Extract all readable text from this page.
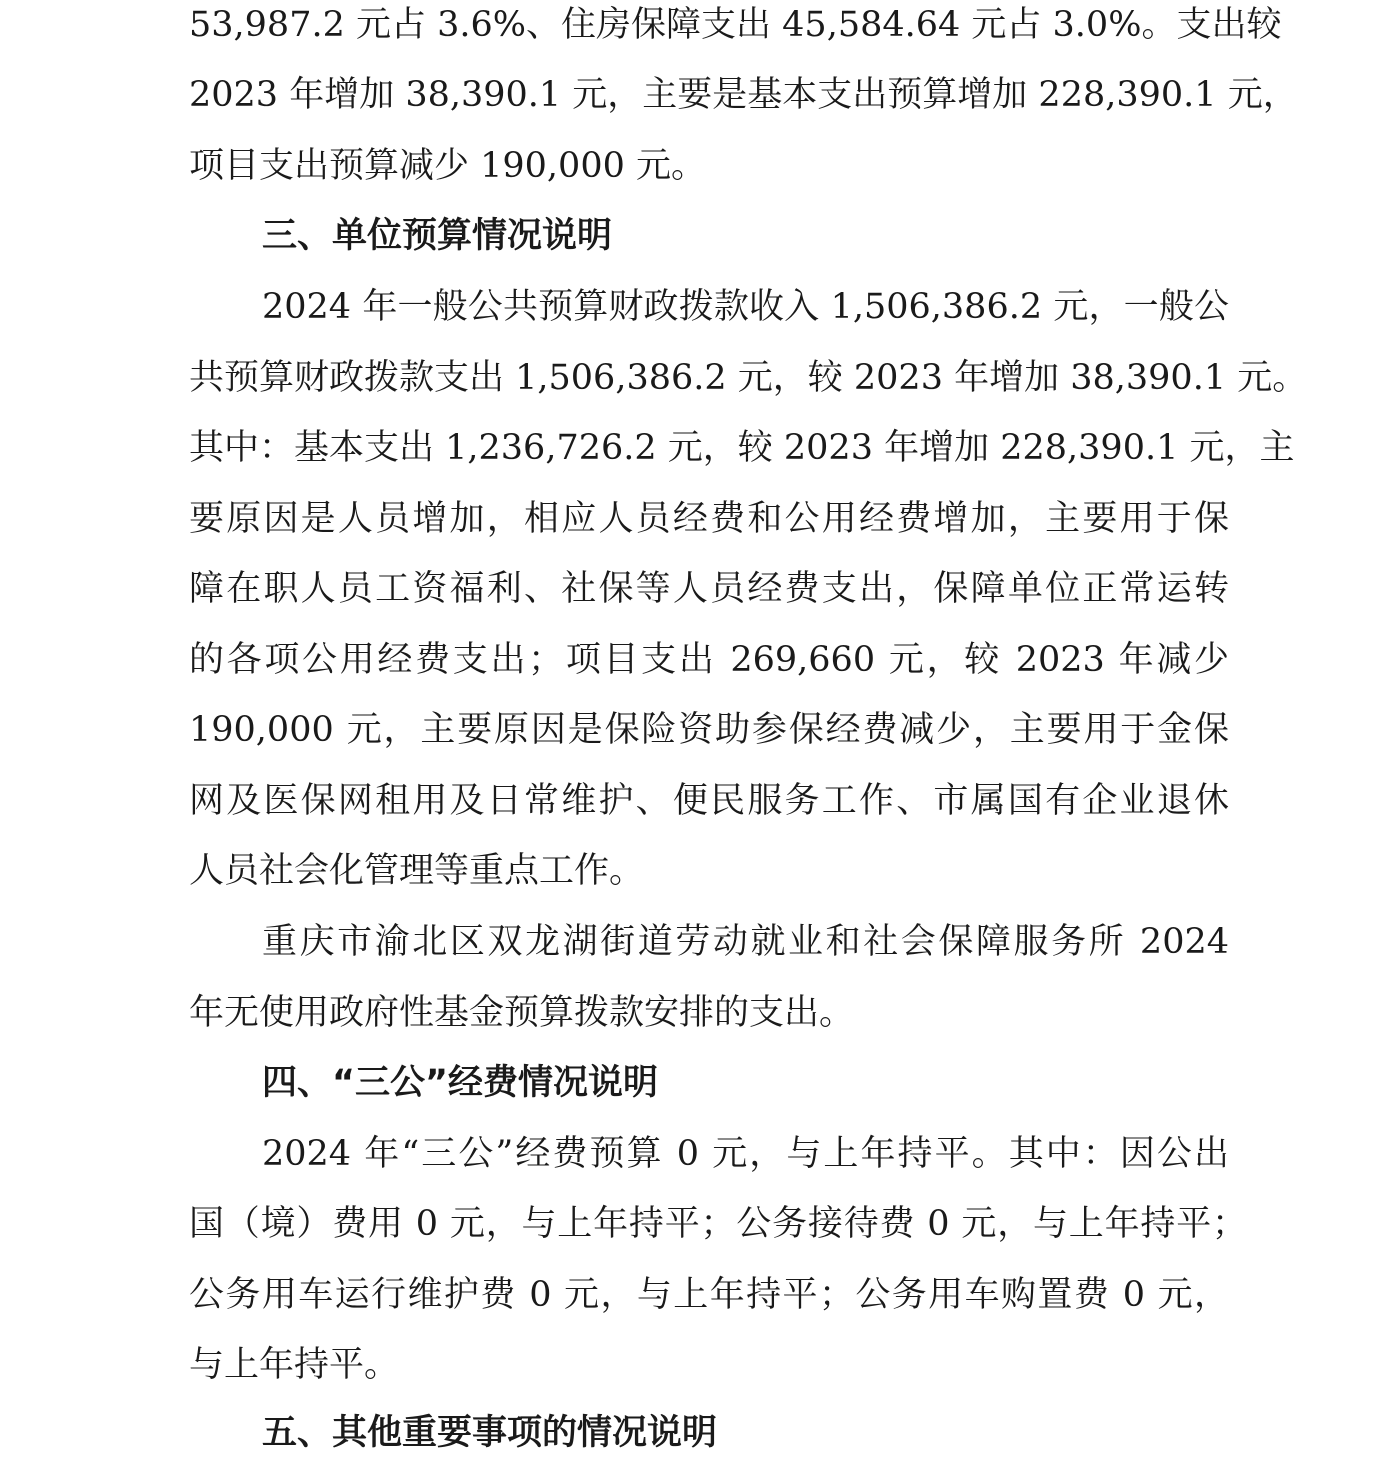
53,987.2 元占 3.6%、住房保障支出 45,584.64 元占 3.0%。支出较
2023 年增加 38,390.1 元，主要是基本支出预算增加 228,390.1 元，
项目支出预算减少 190,000 元。
三、单位预算情况说明
2024 年一般公共预算财政拨款收入 1,506,386.2 元，一般公
共预算财政拨款支出 1,506,386.2 元，较 2023 年增加 38,390.1 元。
其中：基本支出 1,236,726.2 元，较 2023 年增加 228,390.1 元，主
要原因是人员增加，相应人员经费和公用经费增加，主要用于保
障在职人员工资福利、社保等人员经费支出，保障单位正常运转
的各项公用经费支出；项目支出 269,660 元，较 2023 年减少
190,000 元，主要原因是保险资助参保经费减少，主要用于金保
网及医保网租用及日常维护、便民服务工作、市属国有企业退休
人员社会化管理等重点工作。
重庆市渝北区双龙湖街道劳动就业和社会保障服务所 2024
年无使用政府性基金预算拨款安排的支出。
四、“三公”经费情况说明
2024 年“三公”经费预算 0 元，与上年持平。其中：因公出
国（境）费用 0 元，与上年持平；公务接待费 0 元，与上年持平；
公务用车运行维护费 0 元，与上年持平；公务用车购置费 0 元，
与上年持平。
五、其他重要事项的情况说明
